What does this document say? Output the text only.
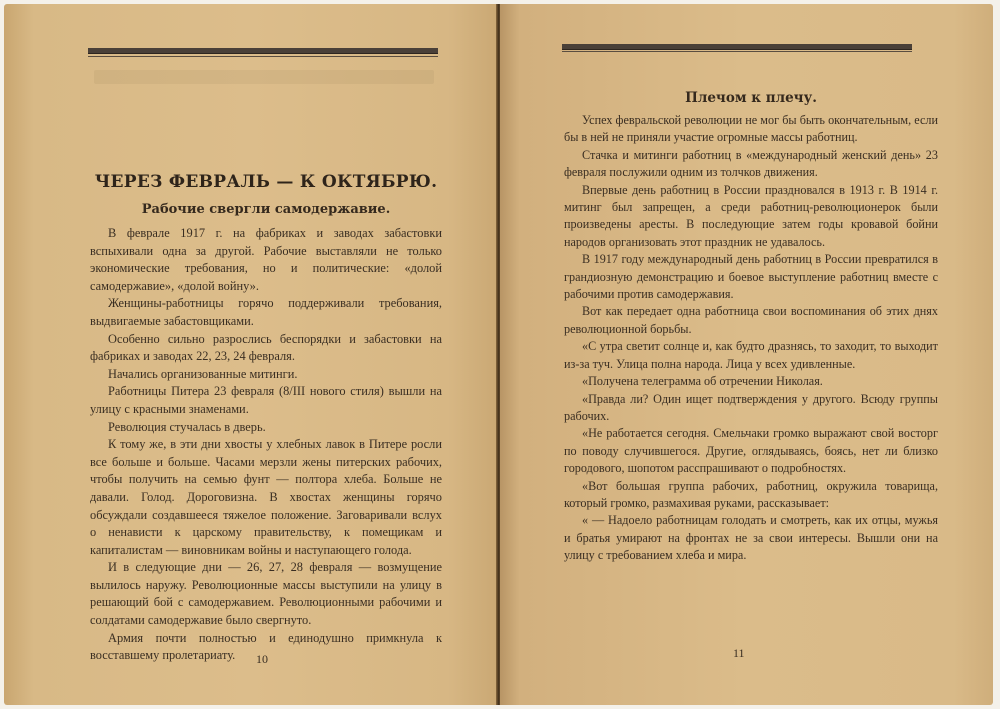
ЧЕРЕЗ ФЕВРАЛЬ — К ОКТЯБРЮ.
Рабочие свергли самодержавие.

В феврале 1917 г. на фабриках и заводах забастовки вспыхивали одна за другой. Рабочие выставляли не только экономические требования, но и политические: «долой самодержавие», «долой войну».

Женщины-работницы горячо поддерживали требования, выдвигаемые забастовщиками.

Особенно сильно разрослись беспорядки и забастовки на фабриках и заводах 22, 23, 24 февраля.

Начались организованные митинги.

Работницы Питера 23 февраля (8/III нового стиля) вышли на улицу с красными знаменами.

Революция стучалась в дверь.

К тому же, в эти дни хвосты у хлебных лавок в Питере росли все больше и больше. Часами мерзли жены питерских рабочих, чтобы получить на семью фунт — полтора хлеба. Больше не давали. Голод. Дороговизна. В хвостах женщины горячо обсуждали создавшееся тяжелое положение. Заговаривали вслух о ненависти к царскому правительству, к помещикам и капиталистам — виновникам войны и наступающего голода.

И в следующие дни — 26, 27, 28 февраля — возмущение вылилось наружу. Революционные массы выступили на улицу в решающий бой с самодержавием. Революционными рабочими и солдатами самодержавие было свергнуто.

Армия почти полностью и единодушно примкнула к восставшему пролетариату.	10
Плечом к плечу.

Успех февральской революции не мог бы быть окончательным, если бы в ней не приняли участие огромные массы работниц.

Стачка и митинги работниц в «международный женский день» 23 февраля послужили одним из толчков движения.

Впервые день работниц в России праздновался в 1913 г. В 1914 г. митинг был запрещен, а среди работниц-революционерок были произведены аресты. В последующие затем годы кровавой бойни народов организовать этот праздник не удавалось.

В 1917 году международный день работниц в России превратился в грандиозную демонстрацию и боевое выступление работниц вместе с рабочими против самодержавия.

Вот как передает одна работница свои воспоминания об этих днях революционной борьбы.

«С утра светит солнце и, как будто дразнясь, то заходит, то выходит из-за туч. Улица полна народа. Лица у всех удивленные.

«Получена телеграмма об отречении Николая.

«Правда ли? Один ищет подтверждения у другого. Всюду группы рабочих.

«Не работается сегодня. Смельчаки громко выражают свой восторг по поводу случившегося. Другие, оглядываясь, боясь, нет ли близко городового, шопотом расспрашивают о подробностях.

«Вот большая группа рабочих, работниц, окружила товарища, который громко, размахивая руками, рассказывает:

« — Надоело работницам голодать и смотреть, как их отцы, мужья и братья умирают на фронтах не за свои интересы. Вышли они на улицу с требованием хлеба и мира.

11
